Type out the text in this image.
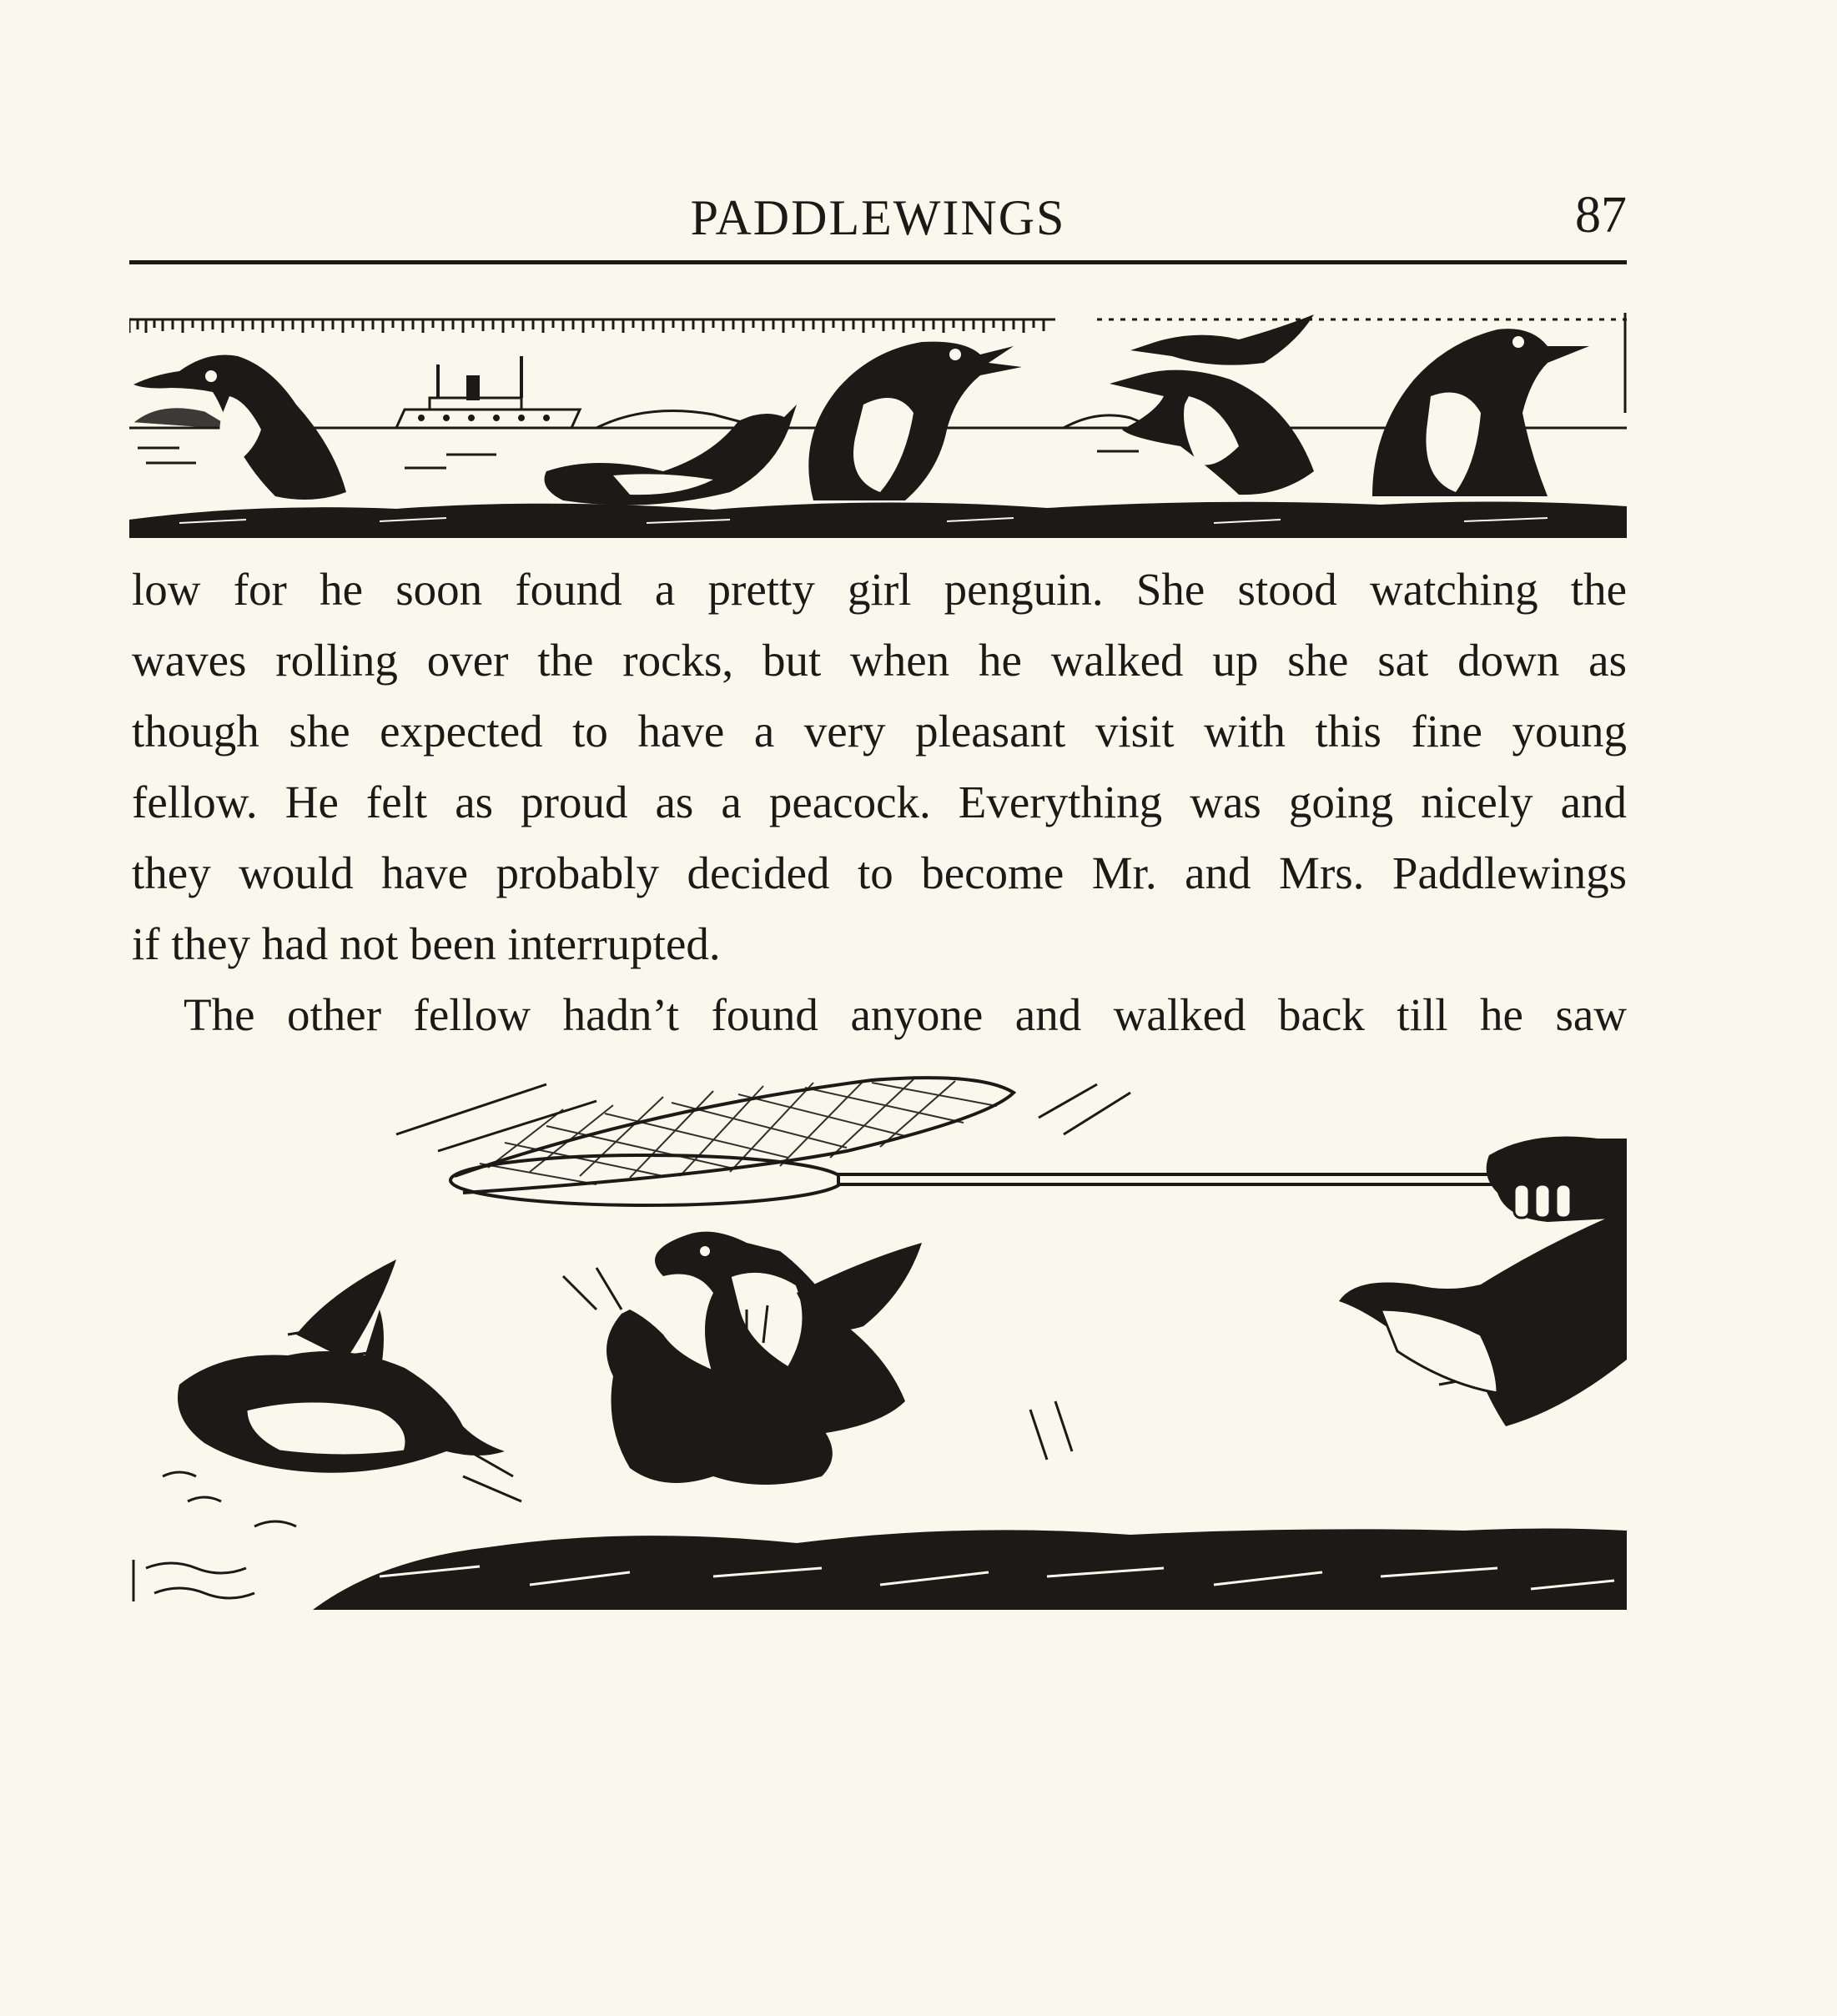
PADDLEWINGS	87

low for he soon found a pretty girl penguin. She stood watching the

waves rolling over the rocks, but when he walked up she sat down as

though she expected to have a very pleasant visit with this fine young

fellow. He felt as proud as a peacock. Everything was going nicely and

they would have probably decided to become Mr. and Mrs. Paddlewings

if they had not been interrupted.

The other fellow hadn’t found anyone and walked back till he saw
